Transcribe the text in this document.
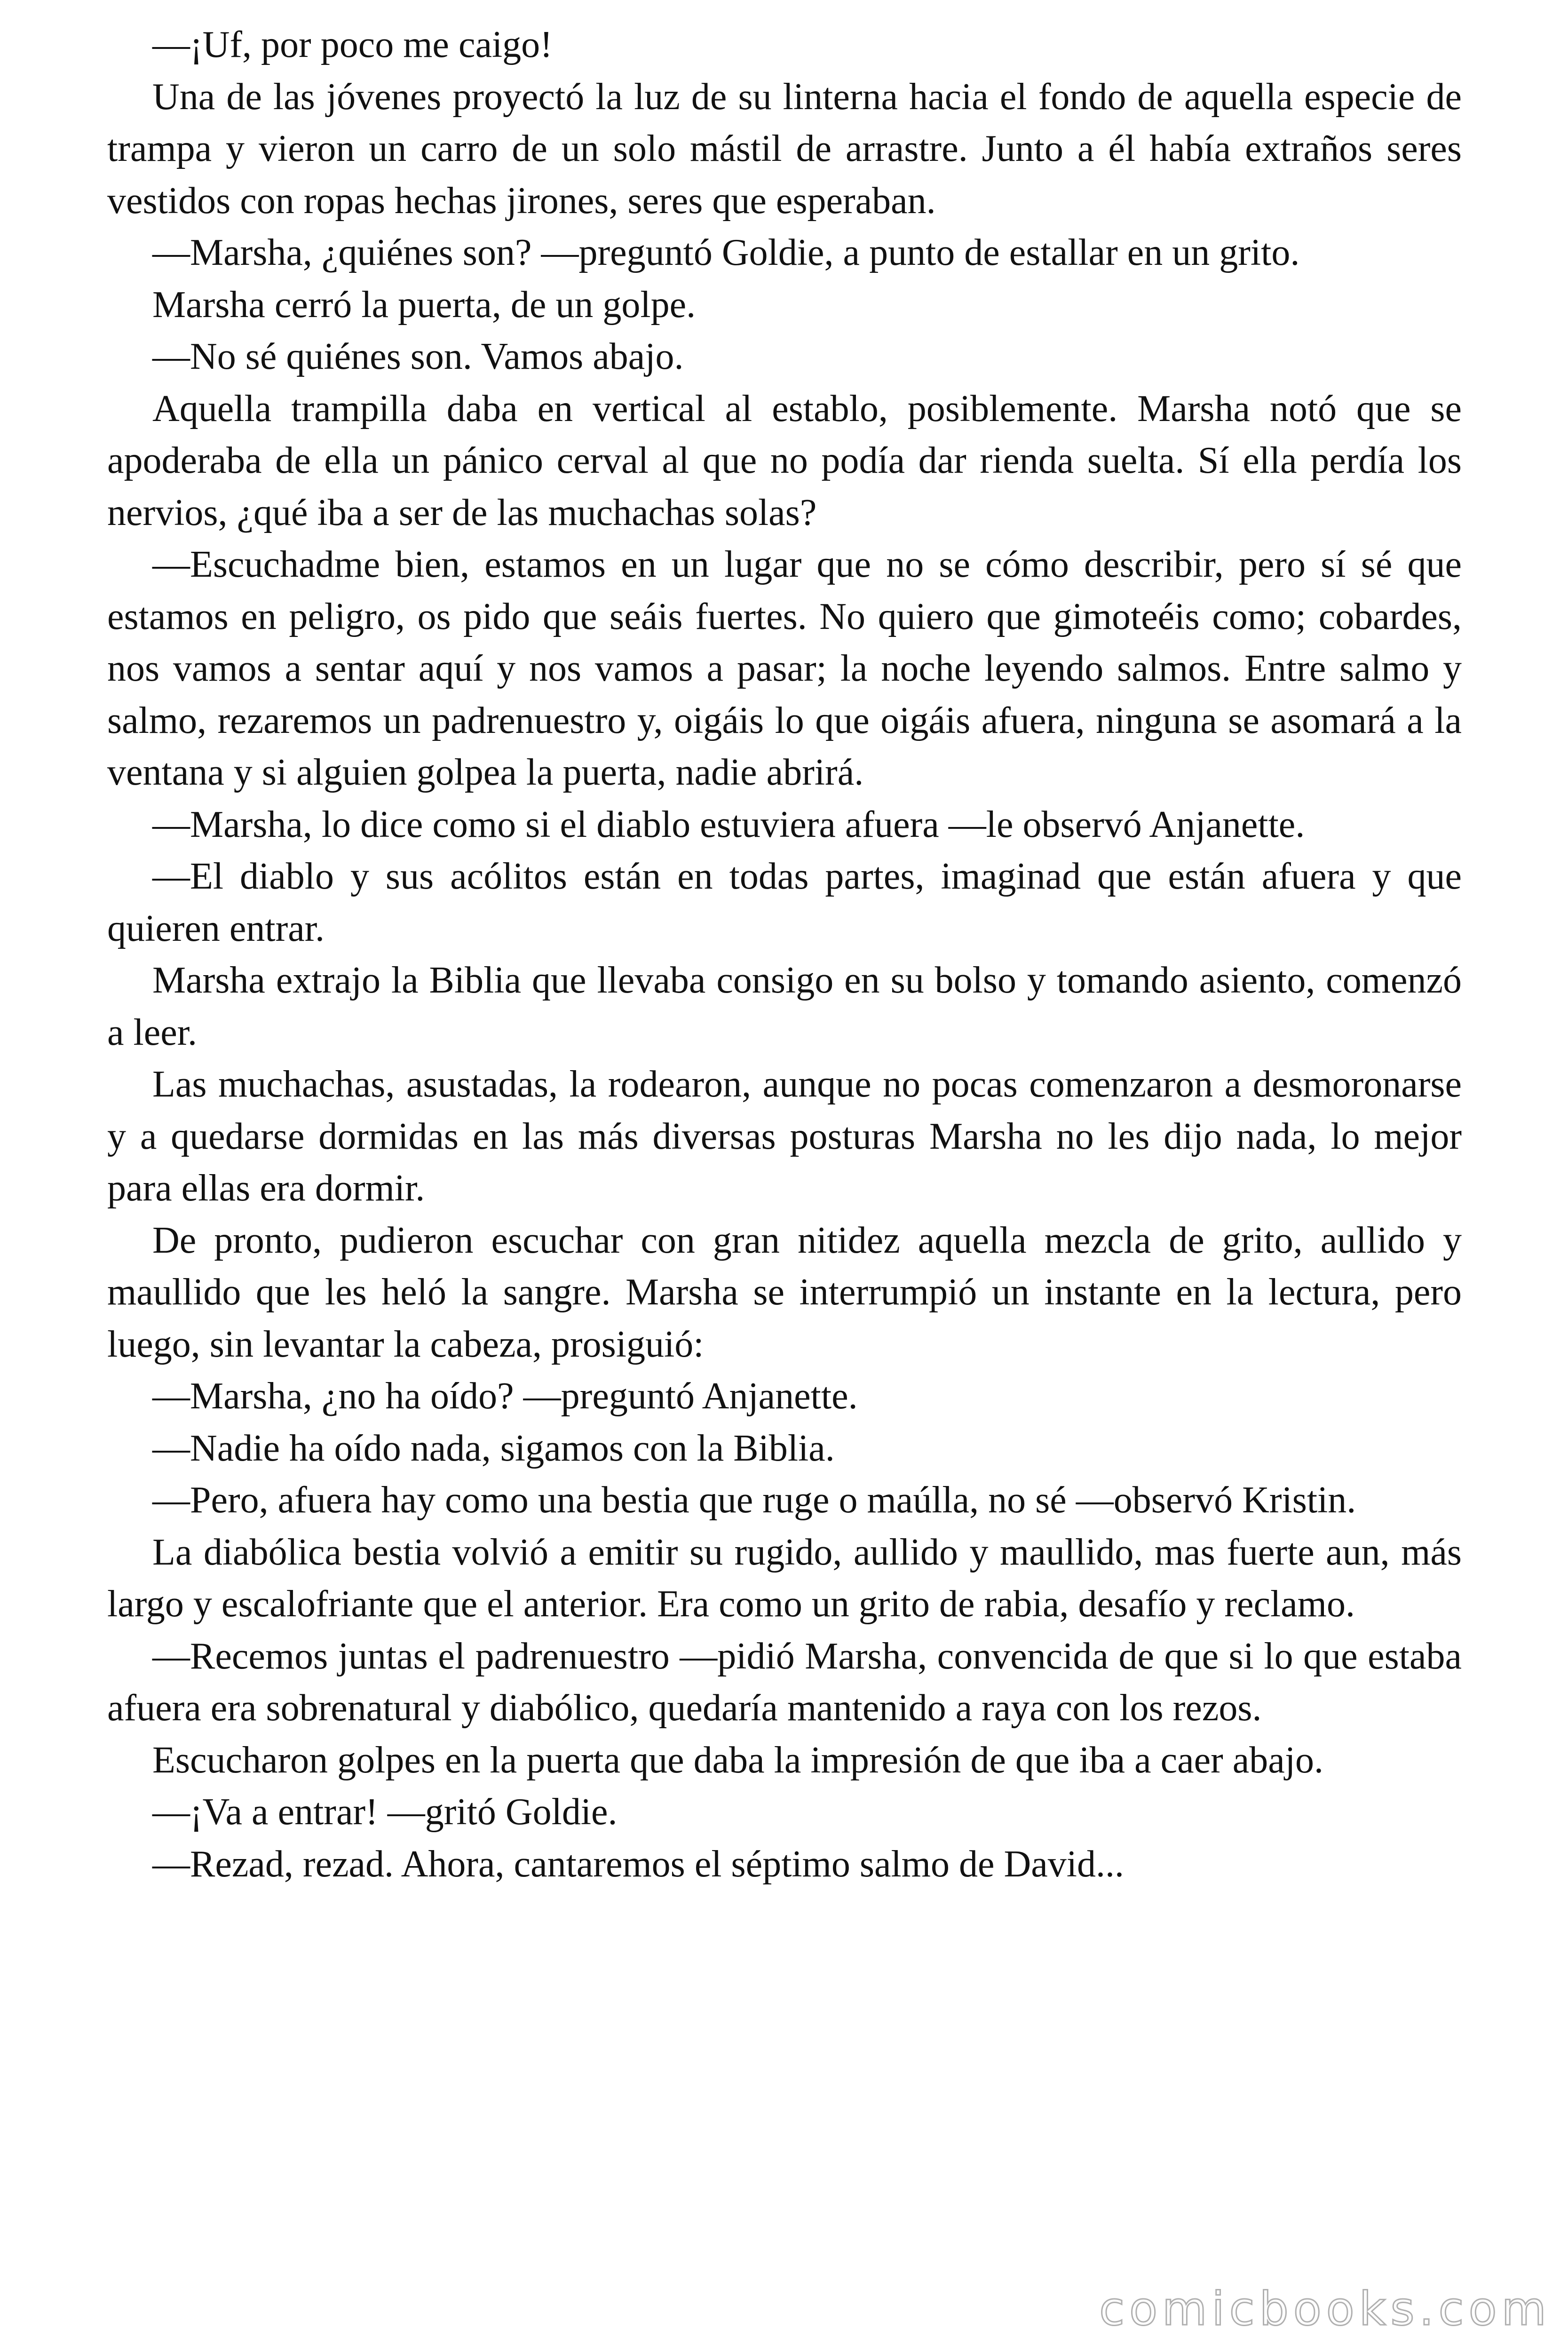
—¡Uf, por poco me caigo!

Una de las jóvenes proyectó la luz de su linterna hacia el fondo de aquella especie de trampa y vieron un carro de un solo mástil de arrastre. Junto a él había extraños seres vestidos con ropas hechas jirones, seres que esperaban.

—Marsha, ¿quiénes son? —preguntó Goldie, a punto de estallar en un grito.

Marsha cerró la puerta, de un golpe.

—No sé quiénes son. Vamos abajo.

Aquella trampilla daba en vertical al establo, posiblemente. Marsha notó que se apoderaba de ella un pánico cerval al que no podía dar rienda suelta. Sí ella perdía los nervios, ¿qué iba a ser de las muchachas solas?

—Escuchadme bien, estamos en un lugar que no se cómo describir, pero sí sé que estamos en peligro, os pido que seáis fuertes. No quiero que gimoteéis como; cobardes, nos vamos a sentar aquí y nos vamos a pasar; la noche leyendo salmos. Entre salmo y salmo, rezaremos un padrenuestro y, oigáis lo que oigáis afuera, ninguna se asomará a la ventana y si alguien golpea la puerta, nadie abrirá.

—Marsha, lo dice como si el diablo estuviera afuera —le observó Anjanette.

—El diablo y sus acólitos están en todas partes, imaginad que están afuera y que quieren entrar.

Marsha extrajo la Biblia que llevaba consigo en su bolso y tomando asiento, comenzó a leer.

Las muchachas, asustadas, la rodearon, aunque no pocas comenzaron a desmoronarse y a quedarse dormidas en las más diversas posturas Marsha no les dijo nada, lo mejor para ellas era dormir.

De pronto, pudieron escuchar con gran nitidez aquella mezcla de grito, aullido y maullido que les heló la sangre. Marsha se interrumpió un instante en la lectura, pero luego, sin levantar la cabeza, prosiguió:

—Marsha, ¿no ha oído? —preguntó Anjanette.

—Nadie ha oído nada, sigamos con la Biblia.

—Pero, afuera hay como una bestia que ruge o maúlla, no sé —observó Kristin.

La diabólica bestia volvió a emitir su rugido, aullido y maullido, mas fuerte aun, más largo y escalofriante que el anterior. Era como un grito de rabia, desafío y reclamo.

—Recemos juntas el padrenuestro —pidió Marsha, convencida de que si lo que estaba afuera era sobrenatural y diabólico, quedaría mantenido a raya con los rezos.

Escucharon golpes en la puerta que daba la impresión de que iba a caer abajo.

—¡Va a entrar! —gritó Goldie.

—Rezad, rezad. Ahora, cantaremos el séptimo salmo de David...

comicbooks.com
